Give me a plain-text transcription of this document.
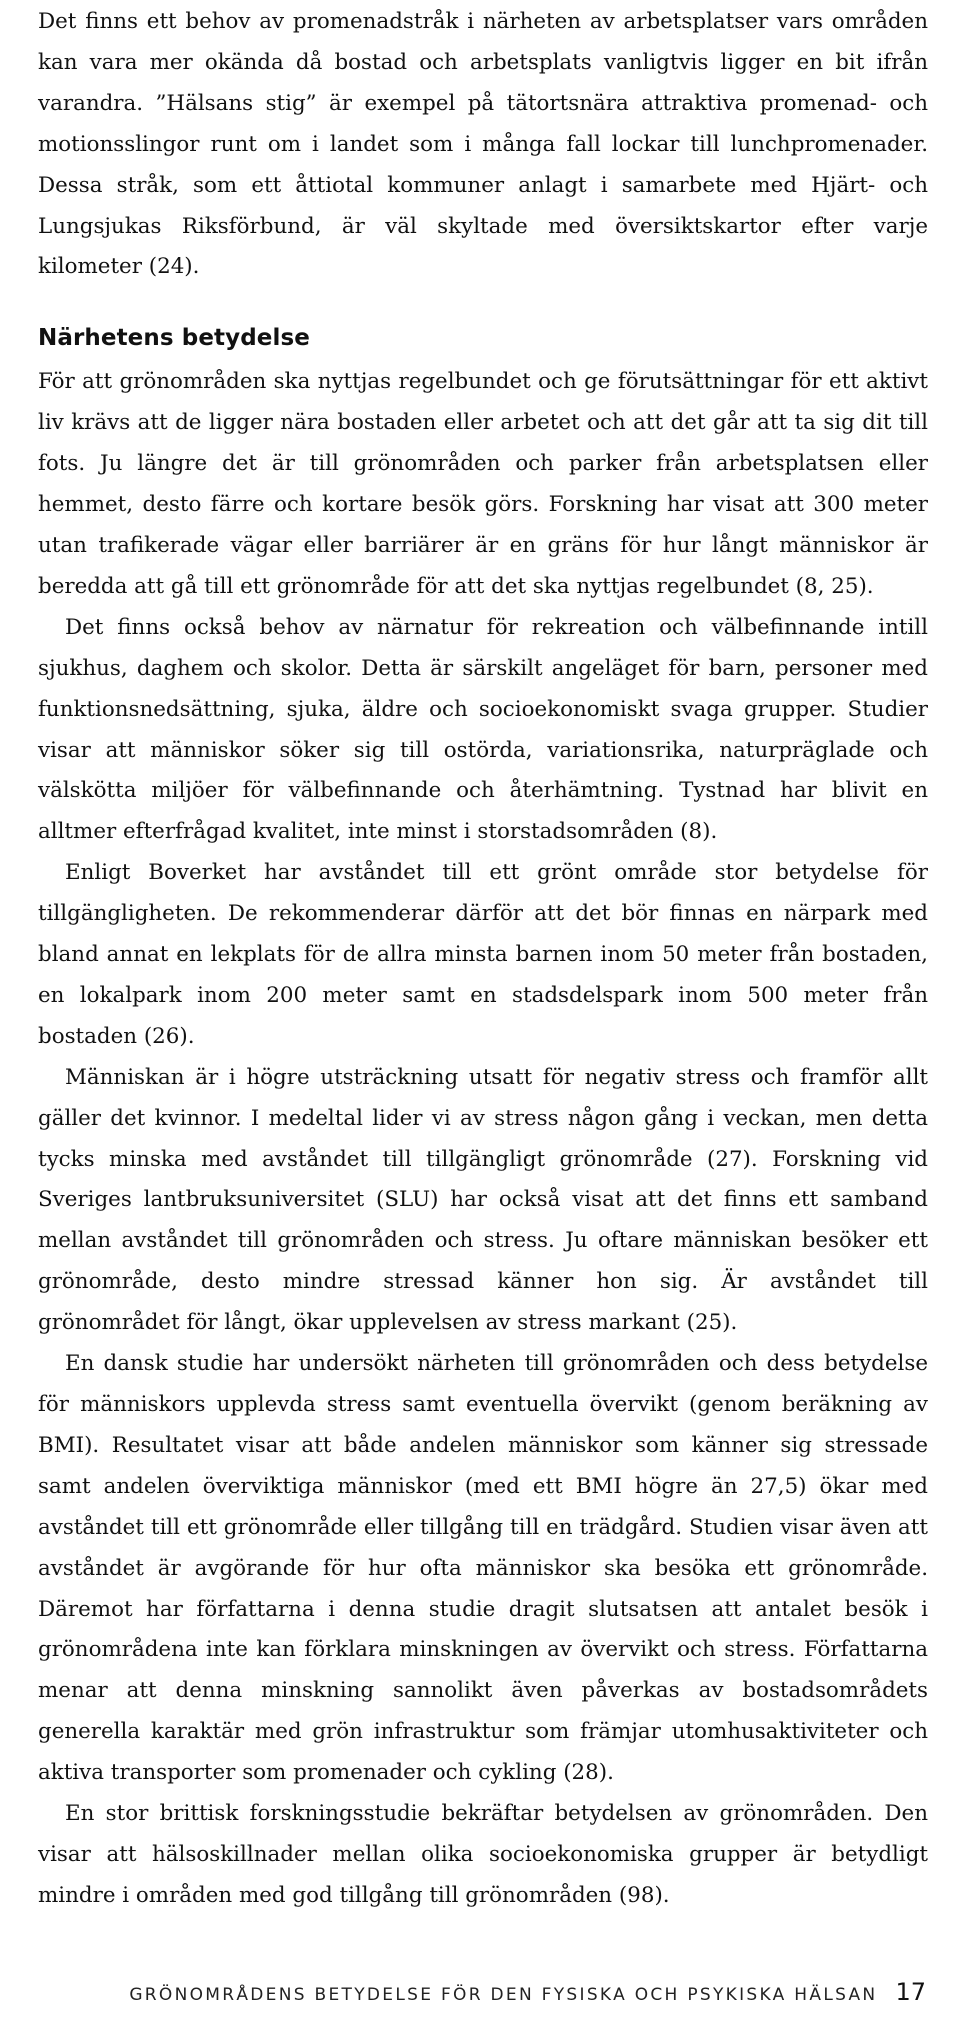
Det finns ett behov av promenadstråk i närheten av arbetsplatser vars områden kan vara mer okända då bostad och arbetsplats vanligtvis ligger en bit ifrån varandra. ”Hälsans stig” är exempel på tätortsnära attraktiva promenad- och motionsslingor runt om i landet som i många fall lockar till lunchpromenader. Dessa stråk, som ett åttiotal kommuner anlagt i samarbete med Hjärt- och Lungsjukas Riksförbund, är väl skyltade med översiktskartor efter varje kilometer (24).

Närhetens betydelse

För att grönområden ska nyttjas regelbundet och ge förutsättningar för ett aktivt liv krävs att de ligger nära bostaden eller arbetet och att det går att ta sig dit till fots. Ju längre det är till grönområden och parker från arbetsplatsen eller hemmet, desto färre och kortare besök görs. Forskning har visat att 300 meter utan trafikerade vägar eller barriärer är en gräns för hur långt människor är beredda att gå till ett grönområde för att det ska nyttjas regelbundet (8, 25).

Det finns också behov av närnatur för rekreation och välbefinnande intill sjukhus, daghem och skolor. Detta är särskilt angeläget för barn, personer med funktionsnedsättning, sjuka, äldre och socioekonomiskt svaga grupper. Studier visar att människor söker sig till ostörda, variationsrika, naturpräglade och välskötta miljöer för välbefinnande och återhämtning. Tystnad har blivit en alltmer efterfrågad kvalitet, inte minst i storstadsområden (8).

Enligt Boverket har avståndet till ett grönt område stor betydelse för tillgängligheten. De rekommenderar därför att det bör finnas en närpark med bland annat en lekplats för de allra minsta barnen inom 50 meter från bostaden, en lokalpark inom 200 meter samt en stadsdelspark inom 500 meter från bostaden (26).

Människan är i högre utsträckning utsatt för negativ stress och framför allt gäller det kvinnor. I medeltal lider vi av stress någon gång i veckan, men detta tycks minska med avståndet till tillgängligt grönområde (27). Forskning vid Sveriges lantbruksuniversitet (SLU) har också visat att det finns ett samband mellan avståndet till grönområden och stress. Ju oftare människan besöker ett grönområde, desto mindre stressad känner hon sig. Är avståndet till grönområdet för långt, ökar upplevelsen av stress markant (25).

En dansk studie har undersökt närheten till grönområden och dess betydelse för människors upplevda stress samt eventuella övervikt (genom beräkning av BMI). Resultatet visar att både andelen människor som känner sig stressade samt andelen överviktiga människor (med ett BMI högre än 27,5) ökar med avståndet till ett grönområde eller tillgång till en trädgård. Studien visar även att avståndet är avgörande för hur ofta människor ska besöka ett grönområde. Däremot har författarna i denna studie dragit slutsatsen att antalet besök i grönområdena inte kan förklara minskningen av övervikt och stress. Författarna menar att denna minskning sannolikt även påverkas av bostadsområdets generella karaktär med grön infrastruktur som främjar utomhusaktiviteter och aktiva transporter som promenader och cykling (28).

En stor brittisk forskningsstudie bekräftar betydelsen av grönområden. Den visar att hälsoskillnader mellan olika socioekonomiska grupper är betydligt mindre i områden med god tillgång till grönområden (98).

GRÖNOMRÅDENS BETYDELSE FÖR DEN FYSISKA OCH PSYKISKA HÄLSAN 17
